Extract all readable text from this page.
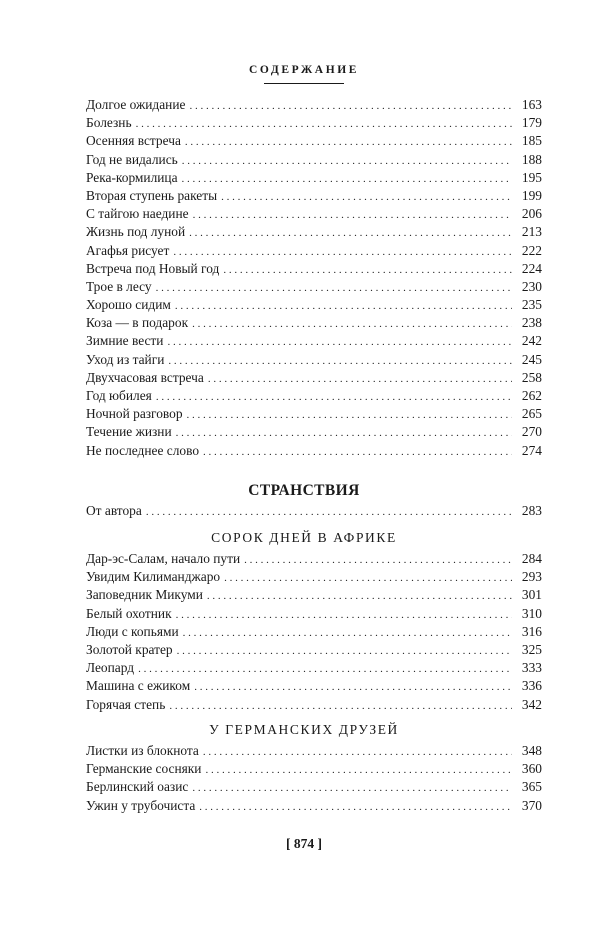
СОДЕРЖАНИЕ
Долгое ожидание . . .	163
Болезнь . . .	179
Осенняя встреча . . .	185
Год не видались . . .	188
Река-кормилица . . .	195
Вторая ступень ракеты . . .	199
С тайгою наедине . . .	206
Жизнь под луной . . .	213
Агафья рисует . . .	222
Встреча под Новый год . . .	224
Трое в лесу . . .	230
Хорошо сидим . . .	235
Коза — в подарок . . .	238
Зимние вести . . .	242
Уход из тайги . . .	245
Двухчасовая встреча . . .	258
Год юбилея . . .	262
Ночной разговор . . .	265
Течение жизни . . .	270
Не последнее слово . . .	274
СТРАНСТВИЯ
От автора . . .	283
СОРОК ДНЕЙ В АФРИКЕ
Дар-эс-Салам, начало пути . . .	284
Увидим Килиманджаро . . .	293
Заповедник Микуми . . .	301
Белый охотник . . .	310
Люди с копьями . . .	316
Золотой кратер . . .	325
Леопард . . .	333
Машина с ежиком . . .	336
Горячая степь . . .	342
У ГЕРМАНСКИХ ДРУЗЕЙ
Листки из блокнота . . .	348
Германские сосняки . . .	360
Берлинский оазис . . .	365
Ужин у трубочиста . . .	370
[ 874 ]
